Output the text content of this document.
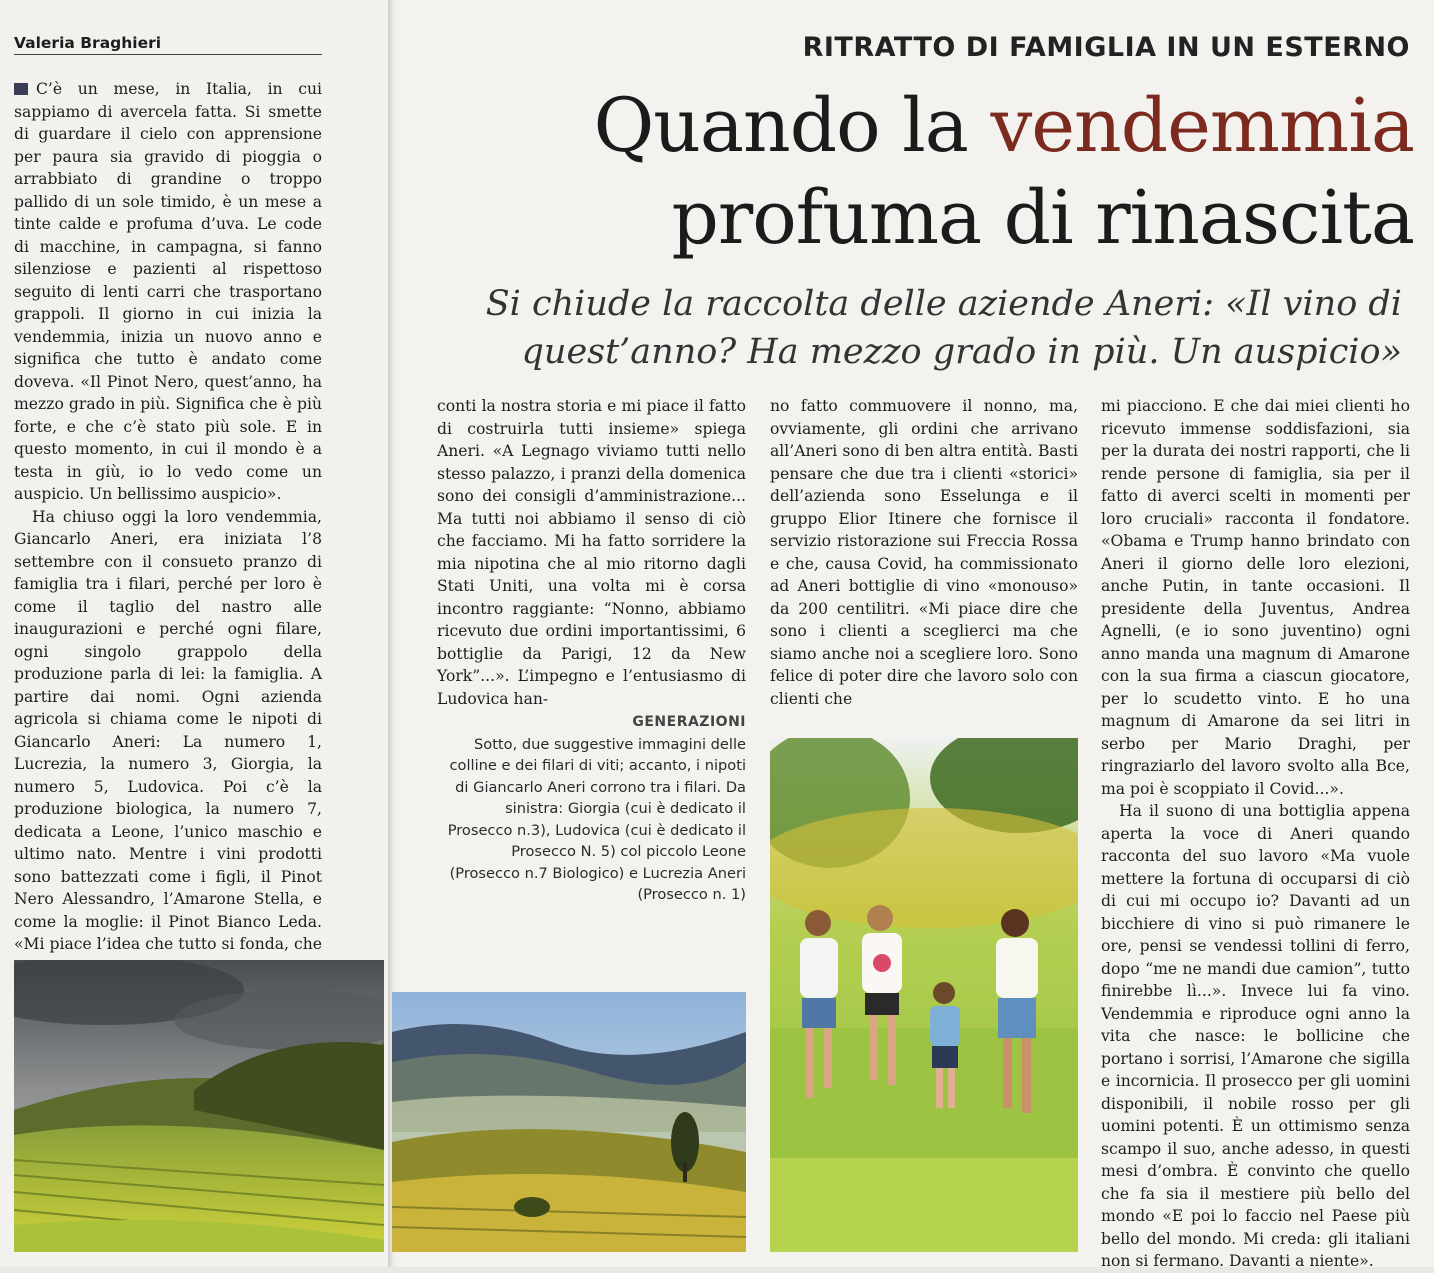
Valeria Braghieri

C’è un mese, in Italia, in cui sappiamo di avercela fatta. Si smette di guardare il cielo con apprensione per paura sia gravido di pioggia o arrabbiato di grandine o troppo pallido di un sole timido, è un mese a tinte calde e profuma d’uva. Le code di macchine, in campagna, si fanno silenziose e pazienti al rispettoso seguito di lenti carri che trasportano grappoli. Il giorno in cui inizia la vendemmia, inizia un nuovo anno e significa che tutto è andato come doveva. «Il Pinot Nero, quest’anno, ha mezzo grado in più. Significa che è più forte, e che c’è stato più sole. E in questo momento, in cui il mondo è a testa in giù, io lo vedo come un auspicio. Un bellissimo auspicio».

Ha chiuso oggi la loro vendemmia, Giancarlo Aneri, era iniziata l’8 settembre con il consueto pranzo di famiglia tra i filari, perché per loro è come il taglio del nastro alle inaugurazioni e perché ogni filare, ogni singolo grappolo della produzione parla di lei: la famiglia. A partire dai nomi. Ogni azienda agricola si chiama come le nipoti di Giancarlo Aneri: La numero 1, Lucrezia, la numero 3, Giorgia, la numero 5, Ludovica. Poi c’è la produzione biologica, la numero 7, dedicata a Leone, l’unico maschio e ultimo nato. Mentre i vini prodotti sono battezzati come i figli, il Pinot Nero Alessandro, l’Amarone Stella, e come la moglie: il Pinot Bianco Leda. «Mi piace l’idea che tutto si fonda, che

RITRATTO DI FAMIGLIA IN UN ESTERNO
Quando la vendemmia
profuma di rinascita

Si chiude la raccolta delle aziende Aneri: «Il vino di quest’anno? Ha mezzo grado in più. Un auspicio»

conti la nostra storia e mi piace il fatto di costruirla tutti insieme» spiega Aneri. «A Legnago viviamo tutti nello stesso palazzo, i pranzi della domenica sono dei consigli d’amministrazione... Ma tutti noi abbiamo il senso di ciò che facciamo. Mi ha fatto sorridere la mia nipotina che al mio ritorno dagli Stati Uniti, una volta mi è corsa incontro raggiante: “Nonno, abbiamo ricevuto due ordini importantissimi, 6 bottiglie da Parigi, 12 da New York”...». L’impegno e l’entusiasmo di Ludovica han-

no fatto commuovere il nonno, ma, ovviamente, gli ordini che arrivano all’Aneri sono di ben altra entità. Basti pensare che due tra i clienti «storici» dell’azienda sono Esselunga e il gruppo Elior Itinere che fornisce il servizio ristorazione sui Freccia Rossa e che, causa Covid, ha commissionato ad Aneri bottiglie di vino «monouso» da 200 centilitri. «Mi piace dire che sono i clienti a sceglierci ma che siamo anche noi a scegliere loro. Sono felice di poter dire che lavoro solo con clienti che

mi piacciono. E che dai miei clienti ho ricevuto immense soddisfazioni, sia per la durata dei nostri rapporti, che li rende persone di famiglia, sia per il fatto di averci scelti in momenti per loro cruciali» racconta il fondatore. «Obama e Trump hanno brindato con Aneri il giorno delle loro elezioni, anche Putin, in tante occasioni. Il presidente della Juventus, Andrea Agnelli, (e io sono juventino) ogni anno manda una magnum di Amarone con la sua firma a ciascun giocatore, per lo scudetto vinto. E ho una magnum di Amarone da sei litri in serbo per Mario Draghi, per ringraziarlo del lavoro svolto alla Bce, ma poi è scoppiato il Covid...».

Ha il suono di una bottiglia appena aperta la voce di Aneri quando racconta del suo lavoro «Ma vuole mettere la fortuna di occuparsi di ciò di cui mi occupo io? Davanti ad un bicchiere di vino si può rimanere le ore, pensi se vendessi tollini di ferro, dopo “me ne mandi due camion”, tutto finirebbe lì...». Invece lui fa vino. Vendemmia e riproduce ogni anno la vita che nasce: le bollicine che portano i sorrisi, l’Amarone che sigilla e incornicia. Il prosecco per gli uomini disponibili, il nobile rosso per gli uomini potenti. È un ottimismo senza scampo il suo, anche adesso, in questi mesi d’ombra. È convinto che quello che fa sia il mestiere più bello del mondo «E poi lo faccio nel Paese più bello del mondo. Mi creda: gli italiani non si fermano. Davanti a niente».

GENERAZIONI
Sotto, due suggestive immagini delle colline e dei filari di viti; accanto, i nipoti di Giancarlo Aneri corrono tra i filari. Da sinistra: Giorgia (cui è dedicato il Prosecco n.3), Ludovica (cui è dedicato il Prosecco N. 5) col piccolo Leone (Prosecco n.7 Biologico) e Lucrezia Aneri (Prosecco n. 1)
